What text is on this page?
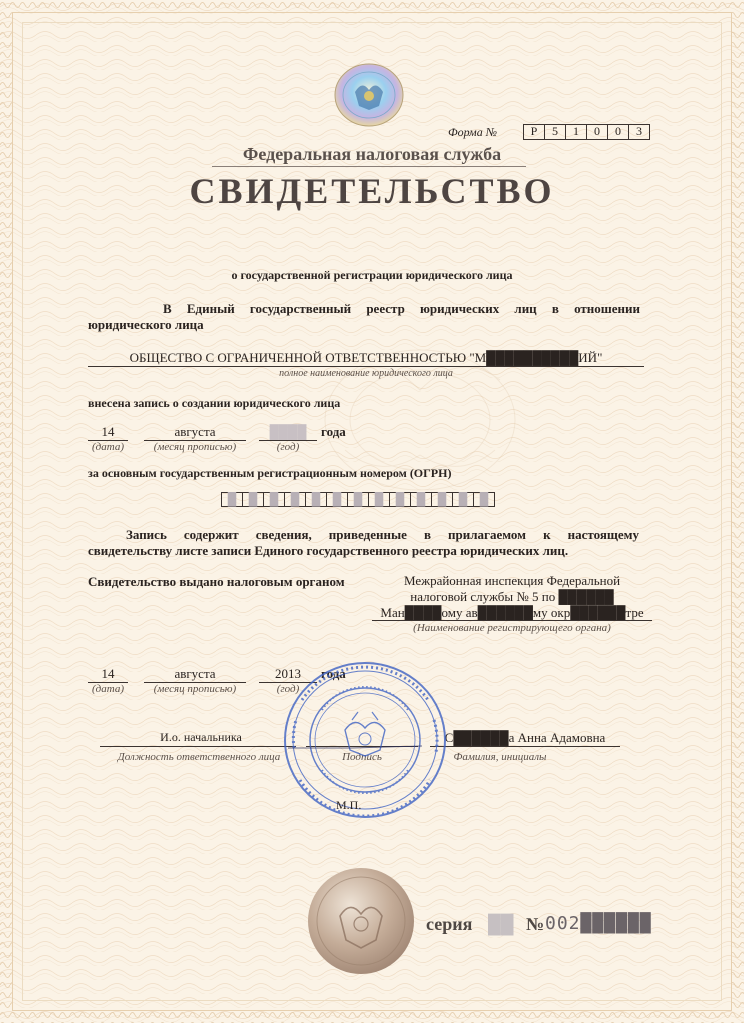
Форма №	Р	5	1	0	0	3
Федеральная налоговая служба
СВИДЕТЕЛЬСТВО
о государственной регистрации юридического лица
В Единый государственный реестр юридических лиц в отношении
юридического лица
ОБЩЕСТВО С ОГРАНИЧЕННОЙ ОТВЕТСТВЕННОСТЬЮ "М██████████ИЙ"
полное наименование юридического лица
внесена запись о создании юридического лица
14
(дата)
августа
(месяц прописью)
████
(год)
года
за основным государственным регистрационным номером (ОГРН)
█	█	█	█	█	█	█	█	█	█	█	█	█
Запись содержит сведения, приведенные в прилагаемом к настоящему
свидетельству листе записи Единого государственного реестра юридических лиц.
Свидетельство выдано налоговым органом	Межрайонная инспекция Федеральной
налоговой службы № 5 по ██████
Ман████ому ав██████му окр██████тре
(Наименование регистрирующего органа)
14
(дата)
августа
(месяц прописью)
2013
(год)
года
И.о. начальника
Должность ответственного лица	Подпись
С██████а Анна Адамовна
Фамилия, инициалы
М.П.
серия ██ № 002██████
